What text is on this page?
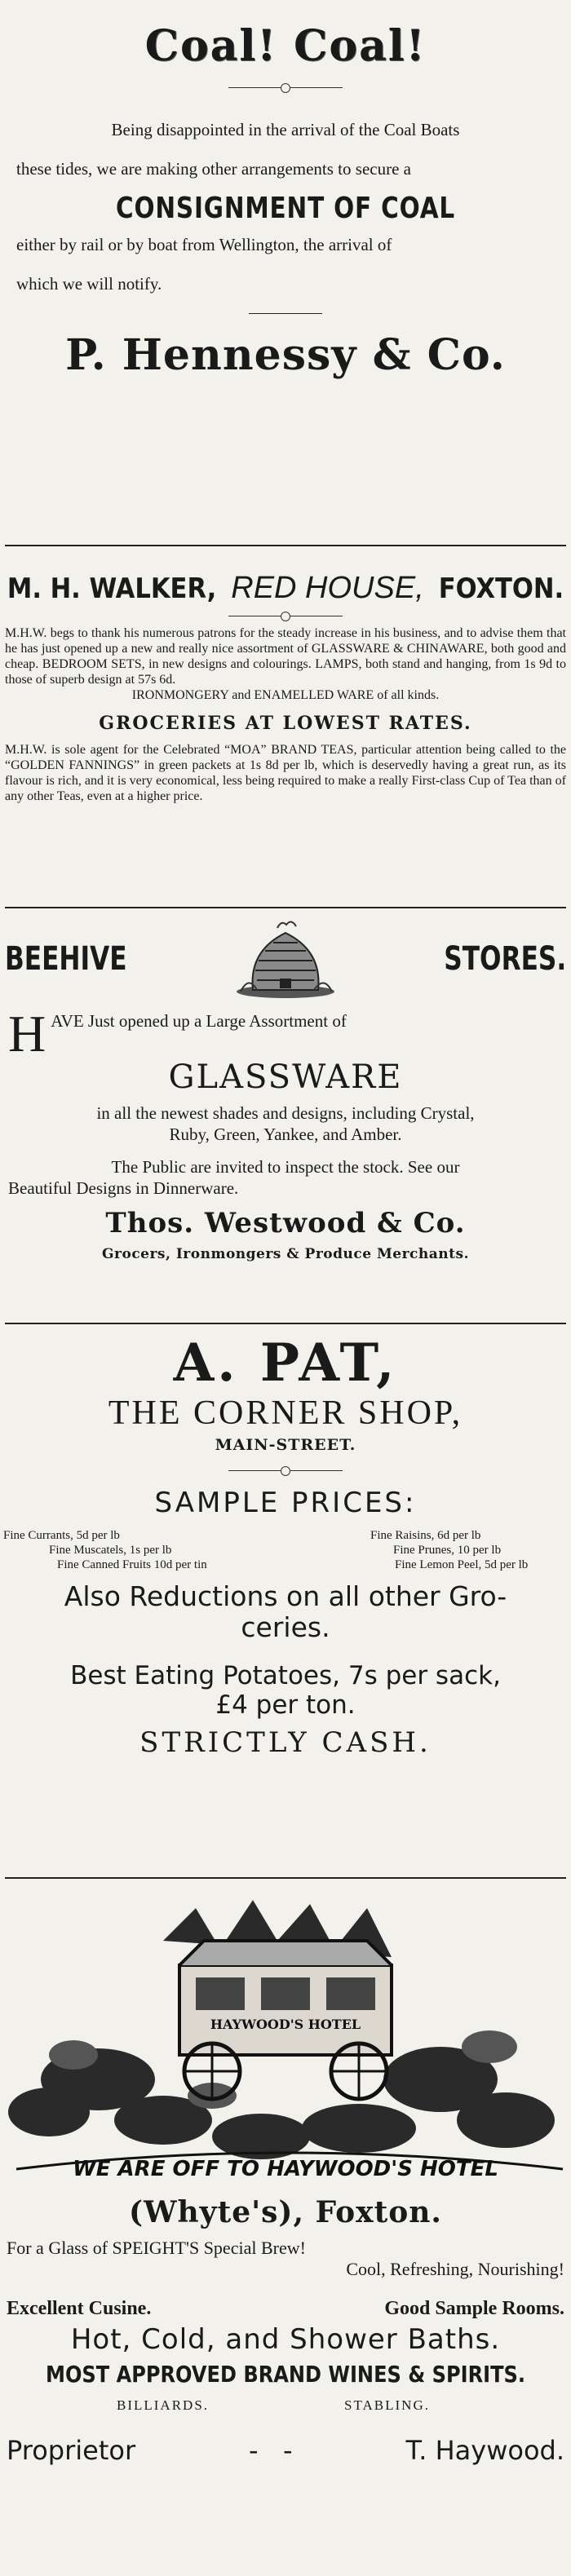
Coal! Coal!
Being disappointed in the arrival of the Coal Boats
these tides, we are making other arrangements to secure a
CONSIGNMENT OF COAL
either by rail or by boat from Wellington, the arrival of
which we will notify.
P. Hennessy & Co.
M. H. WALKER, RED HOUSE, FOXTON.
M.H.W. begs to thank his numerous patrons for the steady increase in his business, and to advise them that he has just opened up a new and really nice assortment of GLASSWARE & CHINAWARE, both good and cheap. BEDROOM SETS, in new designs and colourings. LAMPS, both stand and hanging, from 1s 9d to those of superb design at 57s 6d.
IRONMONGERY and ENAMELLED WARE of all kinds.
GROCERIES AT LOWEST RATES.
M.H.W. is sole agent for the Celebrated “MOA” BRAND TEAS, particular attention being called to the “GOLDEN FANNINGS” in green packets at 1s 8d per lb, which is deservedly having a great run, as its flavour is rich, and it is very economical, less being required to make a really First-class Cup of Tea than of any other Teas, even at a higher price.
BEEHIVE	STORES.
H AVE Just opened up a Large Assortment of
GLASSWARE
in all the newest shades and designs, including Crystal,
Ruby, Green, Yankee, and Amber.
The Public are invited to inspect the stock. See our
Beautiful Designs in Dinnerware.
Thos. Westwood & Co.
Grocers, Ironmongers & Produce Merchants.
A. PAT,
THE CORNER SHOP,
MAIN-STREET.
SAMPLE PRICES:
Fine Currants, 5d per lb	Fine Raisins, 6d per lb
Fine Muscatels, 1s per lb	Fine Prunes, 10 per lb
Fine Canned Fruits 10d per tin	Fine Lemon Peel, 5d per lb
Also Reductions on all other Gro-
ceries.
Best Eating Potatoes, 7s per sack,
£4 per ton.
STRICTLY CASH.
HAYWOOD'S HOTEL
WE ARE OFF TO HAYWOOD'S HOTEL
(Whyte's), Foxton.
For a Glass of SPEIGHT'S Special Brew!
Cool, Refreshing, Nourishing!
Excellent Cusine.	Good Sample Rooms.
Hot, Cold, and Shower Baths.
MOST APPROVED BRAND WINES & SPIRITS.
BILLIARDS.	STABLING.
Proprietor	-   -	T. Haywood.
